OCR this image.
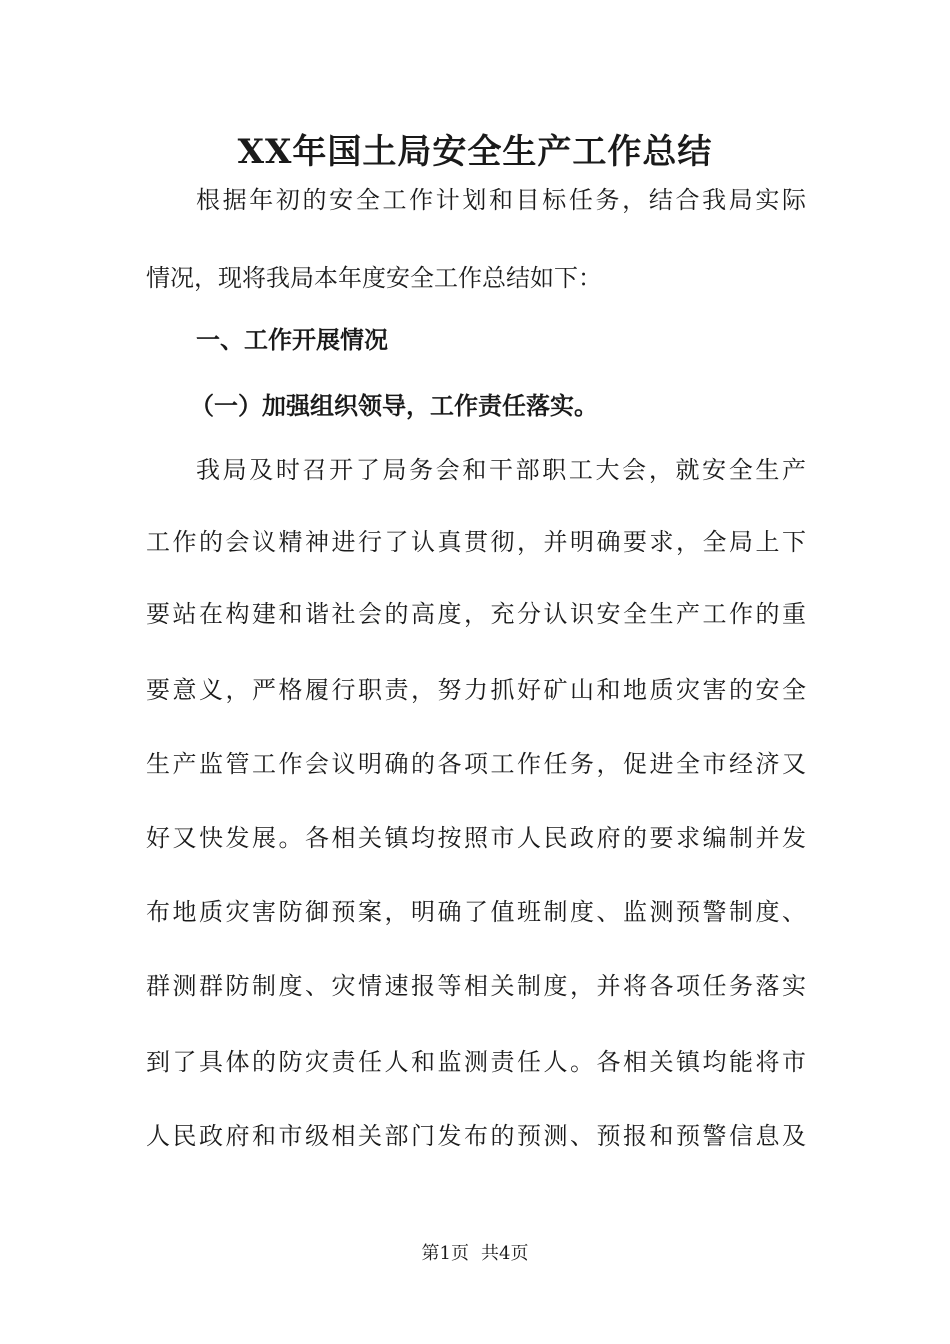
XX年国土局安全生产工作总结

根据年初的安全工作计划和目标任务，结合我局实际

情况，现将我局本年度安全工作总结如下：

一、工作开展情况

（一）加强组织领导，工作责任落实。

我局及时召开了局务会和干部职工大会，就安全生产

工作的会议精神进行了认真贯彻，并明确要求，全局上下

要站在构建和谐社会的高度，充分认识安全生产工作的重

要意义，严格履行职责，努力抓好矿山和地质灾害的安全

生产监管工作会议明确的各项工作任务，促进全市经济又

好又快发展。各相关镇均按照市人民政府的要求编制并发

布地质灾害防御预案，明确了值班制度、监测预警制度、

群测群防制度、灾情速报等相关制度，并将各项任务落实

到了具体的防灾责任人和监测责任人。各相关镇均能将市

人民政府和市级相关部门发布的预测、预报和预警信息及

第1页 共4页
